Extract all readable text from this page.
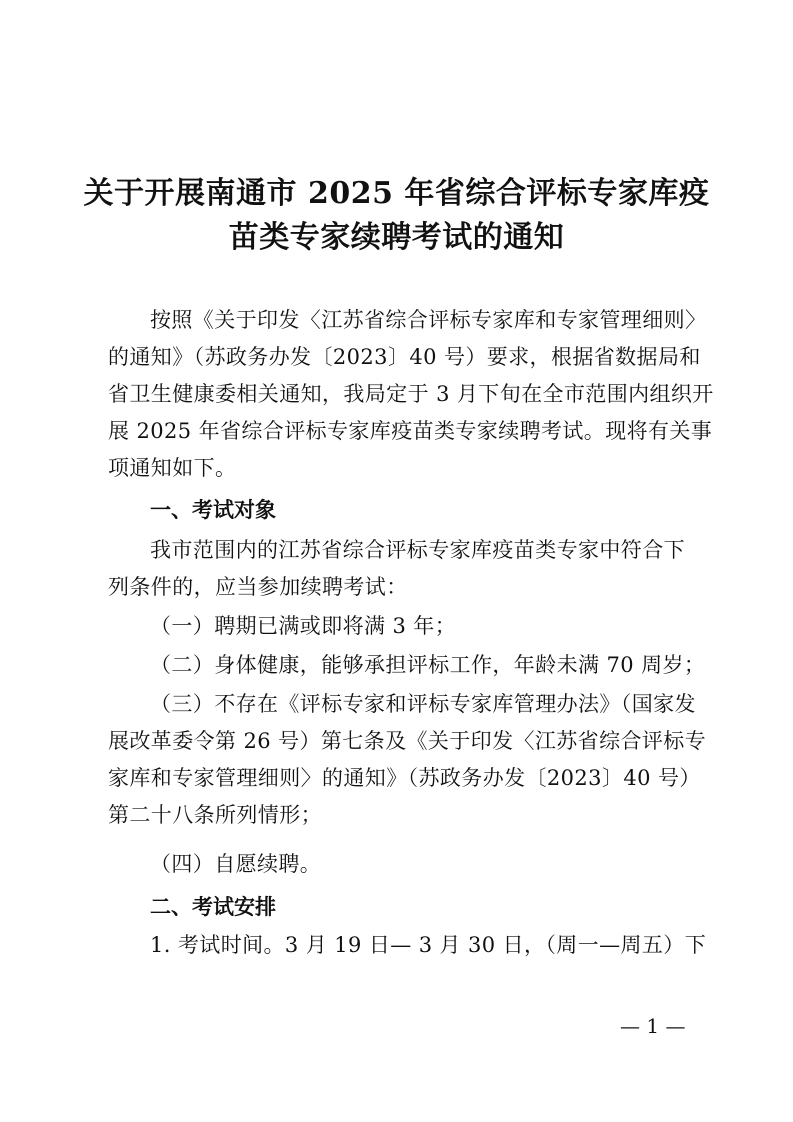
关于开展南通市 2025 年省综合评标专家库疫
苗类专家续聘考试的通知
按照《关于印发〈江苏省综合评标专家库和专家管理细则〉
的通知》（苏政务办发〔2023〕40 号）要求，根据省数据局和
省卫生健康委相关通知，我局定于 3 月下旬在全市范围内组织开
展 2025 年省综合评标专家库疫苗类专家续聘考试。现将有关事
项通知如下。
一、考试对象
我市范围内的江苏省综合评标专家库疫苗类专家中符合下
列条件的，应当参加续聘考试：
（一）聘期已满或即将满 3 年；
（二）身体健康，能够承担评标工作，年龄未满 70 周岁；
（三）不存在《评标专家和评标专家库管理办法》（国家发
展改革委令第 26 号）第七条及《关于印发〈江苏省综合评标专
家库和专家管理细则〉的通知》（苏政务办发〔2023〕40 号）
第二十八条所列情形；
（四）自愿续聘。
二、考试安排
1. 考试时间。3 月 19 日— 3 月 30 日，（周一—周五）下
— 1 —
